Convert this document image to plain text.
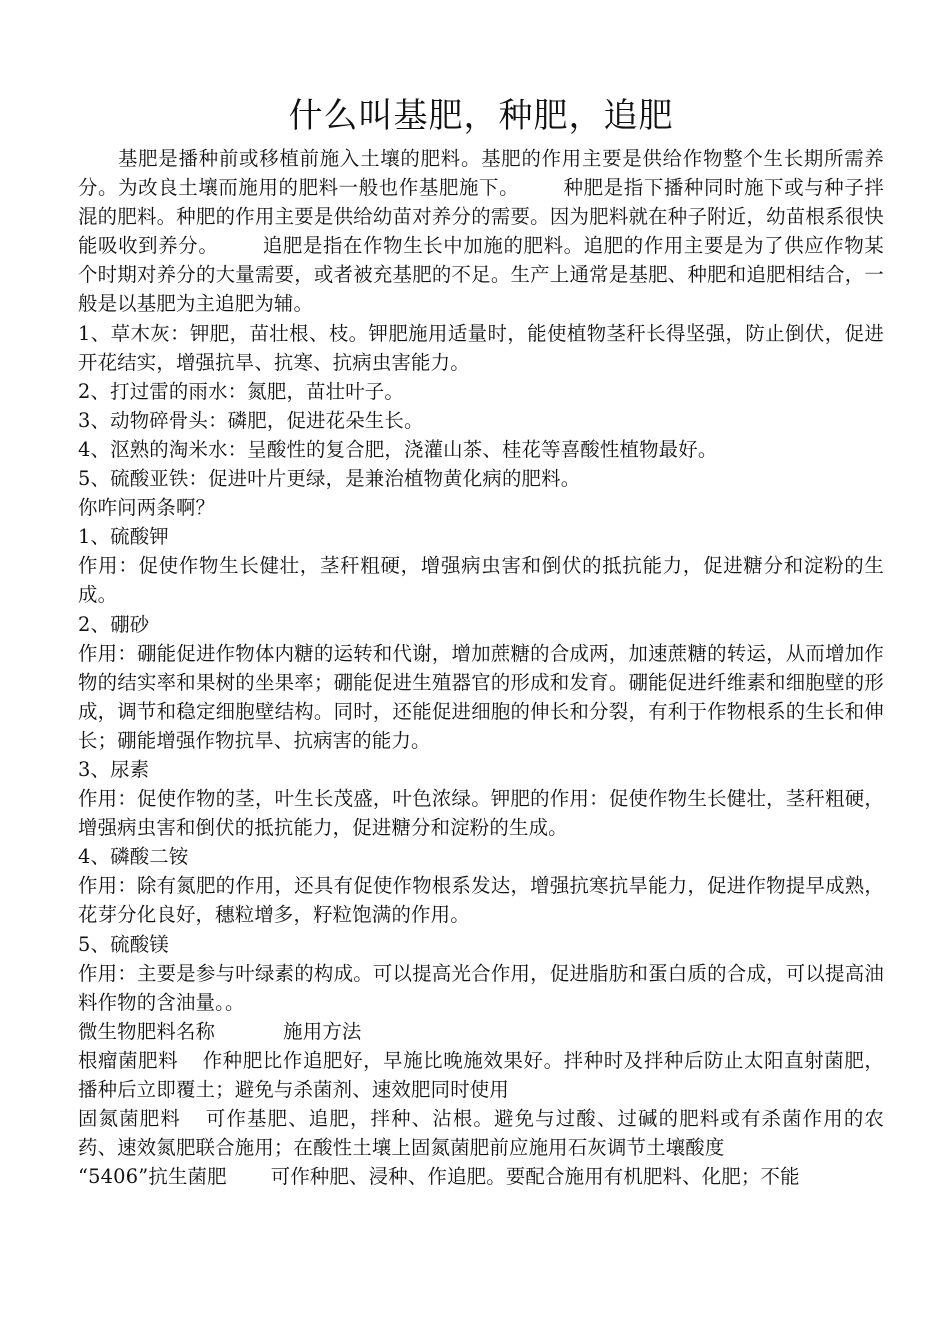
什么叫基肥，种肥，追肥

基肥是播种前或移植前施入土壤的肥料。基肥的作用主要是供给作物整个生长期所需养分。为改良土壤而施用的肥料一般也作基肥施下。 种肥是指下播种同时施下或与种子拌混的肥料。种肥的作用主要是供给幼苗对养分的需要。因为肥料就在种子附近，幼苗根系很快能吸收到养分。 追肥是指在作物生长中加施的肥料。追肥的作用主要是为了供应作物某个时期对养分的大量需要，或者被充基肥的不足。生产上通常是基肥、种肥和追肥相结合，一般是以基肥为主追肥为辅。

1、草木灰：钾肥，苗壮根、枝。钾肥施用适量时，能使植物茎秆长得坚强，防止倒伏，促进开花结实，增强抗旱、抗寒、抗病虫害能力。

2、打过雷的雨水：氮肥，苗壮叶子。

3、动物碎骨头：磷肥，促进花朵生长。

4、沤熟的淘米水：呈酸性的复合肥，浇灌山茶、桂花等喜酸性植物最好。

5、硫酸亚铁：促进叶片更绿，是兼治植物黄化病的肥料。

你咋问两条啊？

1、硫酸钾

作用：促使作物生长健壮，茎秆粗硬，增强病虫害和倒伏的抵抗能力，促进糖分和淀粉的生成。

2、硼砂

作用：硼能促进作物体内糖的运转和代谢，增加蔗糖的合成两，加速蔗糖的转运，从而增加作物的结实率和果树的坐果率；硼能促进生殖器官的形成和发育。硼能促进纤维素和细胞壁的形成，调节和稳定细胞壁结构。同时，还能促进细胞的伸长和分裂，有利于作物根系的生长和伸长；硼能增强作物抗旱、抗病害的能力。

3、尿素

作用：促使作物的茎，叶生长茂盛，叶色浓绿。钾肥的作用：促使作物生长健壮，茎秆粗硬，增强病虫害和倒伏的抵抗能力，促进糖分和淀粉的生成。

4、磷酸二铵

作用：除有氮肥的作用，还具有促使作物根系发达，增强抗寒抗旱能力，促进作物提早成熟，花芽分化良好，穗粒增多，籽粒饱满的作用。

5、硫酸镁

作用：主要是参与叶绿素的构成。可以提高光合作用，促进脂肪和蛋白质的合成，可以提高油料作物的含油量。。

微生物肥料名称	施用方法

根瘤菌肥料 作种肥比作追肥好，早施比晚施效果好。拌种时及拌种后防止太阳直射菌肥，播种后立即覆土；避免与杀菌剂、速效肥同时使用

固氮菌肥料 可作基肥、追肥，拌种、沾根。避免与过酸、过碱的肥料或有杀菌作用的农药、速效氮肥联合施用；在酸性土壤上固氮菌肥前应施用石灰调节土壤酸度

“5406”抗生菌肥 可作种肥、浸种、作追肥。要配合施用有机肥料、化肥；不能
